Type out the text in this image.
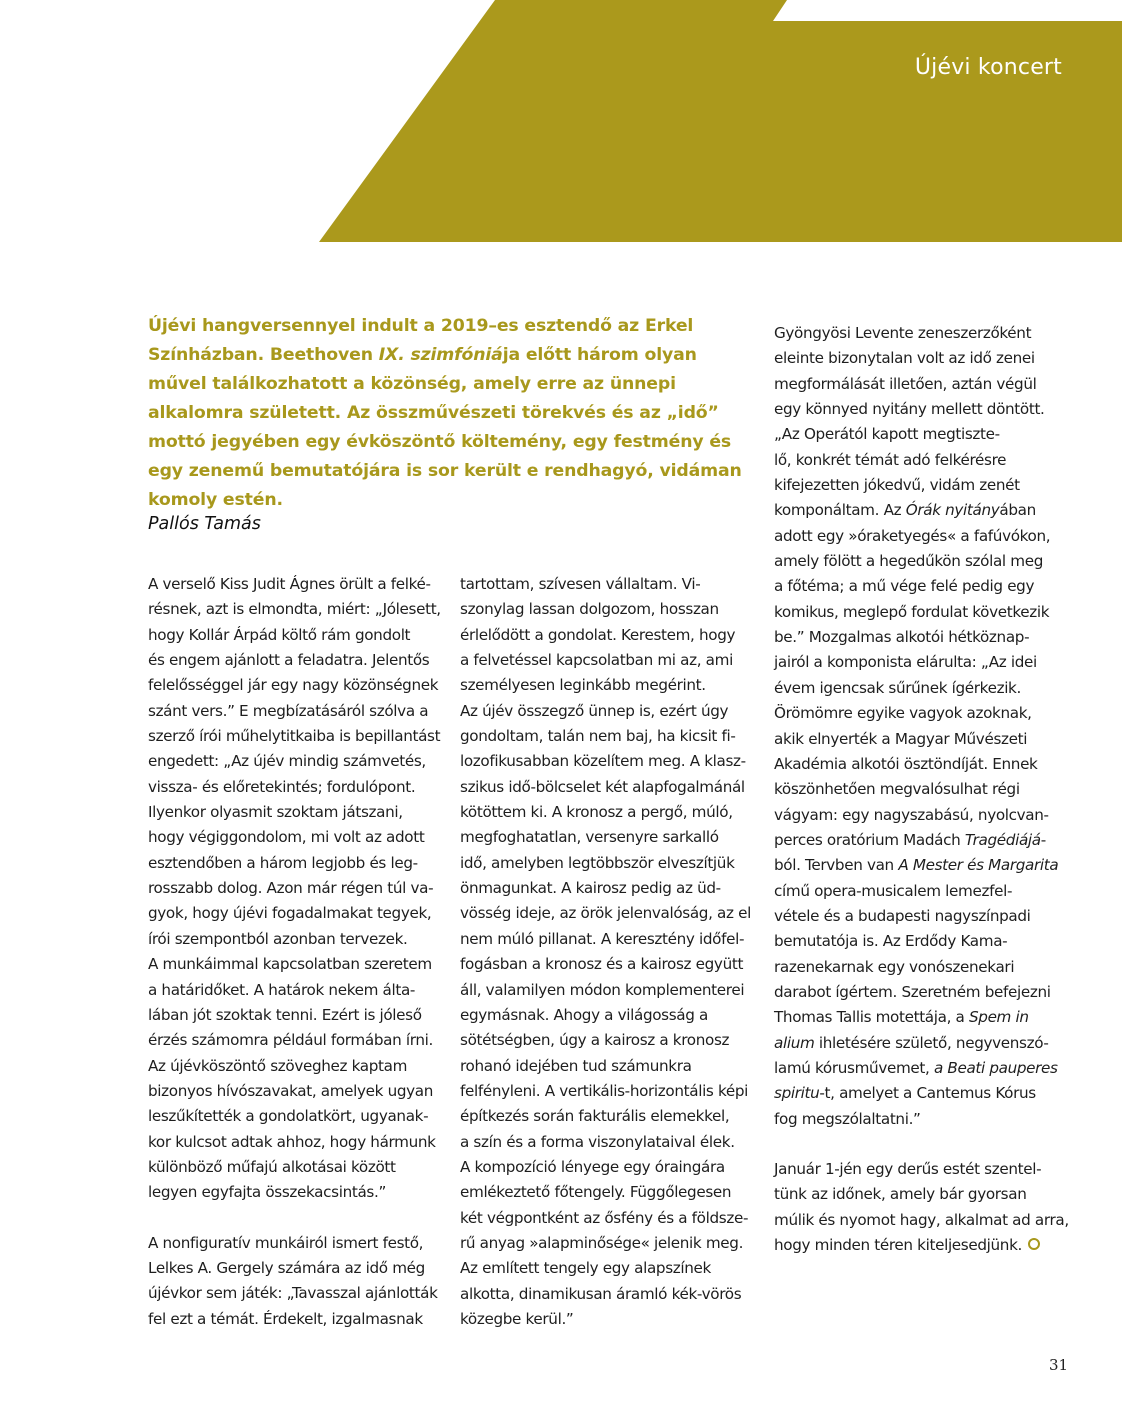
Újévi koncert
Újévi hangversennyel indult a 2019–es esztendő az Erkel
Színházban. Beethoven IX. szimfóniája előtt három olyan
művel találkozhatott a közönség, amely erre az ünnepi
alkalomra született. Az összművészeti törekvés és az „idő”
mottó jegyében egy évköszöntő költemény, egy festmény és
egy zenemű bemutatójára is sor került e rendhagyó, vidáman
komoly estén.
Pallós Tamás

A verselő Kiss Judit Ágnes örült a felké-
résnek, azt is elmondta, miért: „Jólesett,
hogy Kollár Árpád költő rám gondolt
és engem ajánlott a feladatra. Jelentős
felelősséggel jár egy nagy közönségnek
szánt vers.” E megbízatásáról szólva a
szerző írói műhelytitkaiba is bepillantást
engedett: „Az újév mindig számvetés,
vissza- és előretekintés; fordulópont.
Ilyenkor olyasmit szoktam játszani,
hogy végiggondolom, mi volt az adott
esztendőben a három legjobb és leg-
rosszabb dolog. Azon már régen túl va-
gyok, hogy újévi fogadalmakat tegyek,
írói szempontból azonban tervezek.
A munkáimmal kapcsolatban szeretem
a határidőket. A határok nekem álta-
lában jót szoktak tenni. Ezért is jóleső
érzés számomra például formában írni.
Az újévköszöntő szöveghez kaptam
bizonyos hívószavakat, amelyek ugyan
leszűkítették a gondolatkört, ugyanak-
kor kulcsot adtak ahhoz, hogy hármunk
különböző műfajú alkotásai között
legyen egyfajta összekacsintás.”

A nonfiguratív munkáiról ismert festő,
Lelkes A. Gergely számára az idő még
újévkor sem játék: „Tavasszal ajánlották
fel ezt a témát. Érdekelt, izgalmasnak

tartottam, szívesen vállaltam. Vi-
szonylag lassan dolgozom, hosszan
érlelődött a gondolat. Kerestem, hogy
a felvetéssel kapcsolatban mi az, ami
személyesen leginkább megérint.
Az újév összegző ünnep is, ezért úgy
gondoltam, talán nem baj, ha kicsit fi-
lozofikusabban közelítem meg. A klasz-
szikus idő-bölcselet két alapfogalmánál
kötöttem ki. A kronosz a pergő, múló,
megfoghatatlan, versenyre sarkalló
idő, amelyben legtöbbször elveszítjük
önmagunkat. A kairosz pedig az üd-
vösség ideje, az örök jelenvalóság, az el
nem múló pillanat. A keresztény időfel-
fogásban a kronosz és a kairosz együtt
áll, valamilyen módon komplementerei
egymásnak. Ahogy a világosság a
sötétségben, úgy a kairosz a kronosz
rohanó idejében tud számunkra
felfényleni. A vertikális-horizontális képi
építkezés során fakturális elemekkel,
a szín és a forma viszonylataival élek.
A kompozíció lényege egy óraingára
emlékeztető főtengely. Függőlegesen
két végpontként az ősfény és a földsze-
rű anyag »alapminősége« jelenik meg.
Az említett tengely egy alapszínek
alkotta, dinamikusan áramló kék-vörös
közegbe kerül.”

Gyöngyösi Levente zeneszerzőként
eleinte bizonytalan volt az idő zenei
megformálását illetően, aztán végül
egy könnyed nyitány mellett döntött.
„Az Operától kapott megtiszte-
lő, konkrét témát adó felkérésre
kifejezetten jókedvű, vidám zenét
komponáltam. Az Órák nyitányában
adott egy »óraketyegés« a fafúvókon,
amely fölött a hegedűkön szólal meg
a főtéma; a mű vége felé pedig egy
komikus, meglepő fordulat következik
be.” Mozgalmas alkotói hétköznap-
jairól a komponista elárulta: „Az idei
évem igencsak sűrűnek ígérkezik.
Örömömre egyike vagyok azoknak,
akik elnyerték a Magyar Művészeti
Akadémia alkotói ösztöndíját. Ennek
köszönhetően megvalósulhat régi
vágyam: egy nagyszabású, nyolcvan-
perces oratórium Madách Tragédiájá-
ból. Tervben van A Mester és Margarita
című opera-musicalem lemezfel-
vétele és a budapesti nagyszínpadi
bemutatója is. Az Erdődy Kama-
razenekarnak egy vonószenekari
darabot ígértem. Szeretném befejezni
Thomas Tallis motettája, a Spem in
alium ihletésére születő, negyvenszó-
lamú kórusművemet, a Beati pauperes
spiritu-t, amelyet a Cantemus Kórus
fog megszólaltatni.”

Január 1-jén egy derűs estét szentel-
tünk az időnek, amely bár gyorsan
múlik és nyomot hagy, alkalmat ad arra,
hogy minden téren kiteljesedjünk.

31
